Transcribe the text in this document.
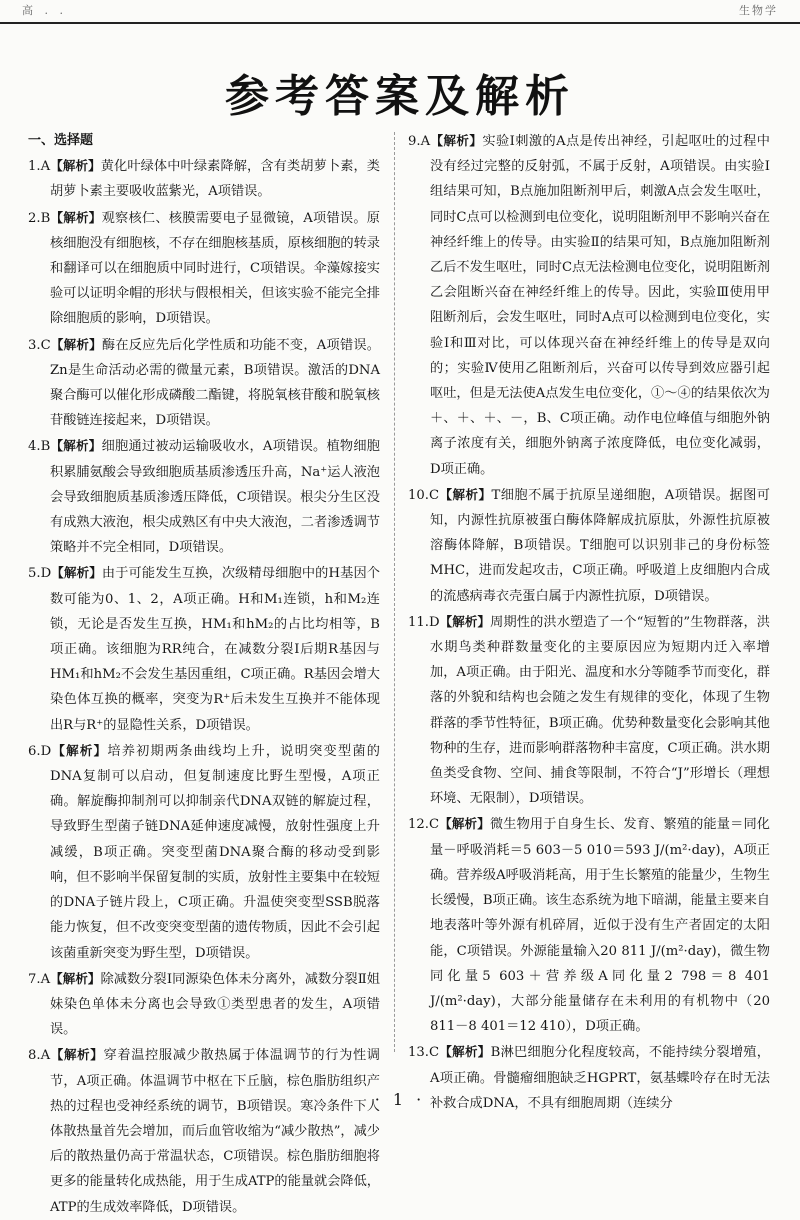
高 . .	生物学
参考答案及解析
一、选择题

1.A【解析】黄化叶绿体中叶绿素降解，含有类胡萝卜素，类胡萝卜素主要吸收蓝紫光，A项错误。

2.B【解析】观察核仁、核膜需要电子显微镜，A项错误。原核细胞没有细胞核，不存在细胞核基质，原核细胞的转录和翻译可以在细胞质中同时进行，C项错误。伞藻嫁接实验可以证明伞帽的形状与假根相关，但该实验不能完全排除细胞质的影响，D项错误。

3.C【解析】酶在反应先后化学性质和功能不变，A项错误。Zn是生命活动必需的微量元素，B项错误。激活的DNA聚合酶可以催化形成磷酸二酯键，将脱氧核苷酸和脱氧核苷酸链连接起来，D项错误。

4.B【解析】细胞通过被动运输吸收水，A项错误。植物细胞积累脯氨酸会导致细胞质基质渗透压升高，Na⁺运人液泡会导致细胞质基质渗透压降低，C项错误。根尖分生区没有成熟大液泡，根尖成熟区有中央大液泡，二者渗透调节策略并不完全相同，D项错误。

5.D【解析】由于可能发生互换，次级精母细胞中的H基因个数可能为0、1、2，A项正确。H和M₁连锁，h和M₂连锁，无论是否发生互换，HM₁和hM₂的占比均相等，B项正确。该细胞为RR纯合，在减数分裂Ⅰ后期R基因与HM₁和hM₂不会发生基因重组，C项正确。R基因会增大染色体互换的概率，突变为R⁺后未发生互换并不能体现出R与R⁺的显隐性关系，D项错误。

6.D【解析】培养初期两条曲线均上升，说明突变型菌的DNA复制可以启动，但复制速度比野生型慢，A项正确。解旋酶抑制剂可以抑制亲代DNA双链的解旋过程，导致野生型菌子链DNA延伸速度减慢，放射性强度上升减缓，B项正确。突变型菌DNA聚合酶的移动受到影响，但不影响半保留复制的实质，放射性主要集中在较短的DNA子链片段上，C项正确。升温使突变型SSB脱落能力恢复，但不改变突变型菌的遗传物质，因此不会引起该菌重新突变为野生型，D项错误。

7.A【解析】除减数分裂Ⅰ同源染色体未分离外，减数分裂Ⅱ姐妹染色单体未分离也会导致①类型患者的发生，A项错误。

8.A【解析】穿着温控服减少散热属于体温调节的行为性调节，A项正确。体温调节中枢在下丘脑，棕色脂肪组织产热的过程也受神经系统的调节，B项错误。寒冷条件下人体散热量首先会增加，而后血管收缩为“减少散热”，减少后的散热量仍高于常温状态，C项错误。棕色脂肪细胞将更多的能量转化成热能，用于生成ATP的能量就会降低，ATP的生成效率降低，D项错误。

9.A【解析】实验Ⅰ刺激的A点是传出神经，引起呕吐的过程中没有经过完整的反射弧，不属于反射，A项错误。由实验Ⅰ组结果可知，B点施加阻断剂甲后，刺激A点会发生呕吐，同时C点可以检测到电位变化，说明阻断剂甲不影响兴奋在神经纤维上的传导。由实验Ⅱ的结果可知，B点施加阻断剂乙后不发生呕吐，同时C点无法检测电位变化，说明阻断剂乙会阻断兴奋在神经纤维上的传导。因此，实验Ⅲ使用甲阻断剂后，会发生呕吐，同时A点可以检测到电位变化，实验Ⅰ和Ⅲ对比，可以体现兴奋在神经纤维上的传导是双向的；实验Ⅳ使用乙阻断剂后，兴奋可以传导到效应器引起呕吐，但是无法使A点发生电位变化，①～④的结果依次为＋、＋、＋、－，B、C项正确。动作电位峰值与细胞外钠离子浓度有关，细胞外钠离子浓度降低，电位变化减弱，D项正确。

10.C【解析】T细胞不属于抗原呈递细胞，A项错误。据图可知，内源性抗原被蛋白酶体降解成抗原肽，外源性抗原被溶酶体降解，B项错误。T细胞可以识别非己的身份标签MHC，进而发起攻击，C项正确。呼吸道上皮细胞内合成的流感病毒衣壳蛋白属于内源性抗原，D项错误。

11.D【解析】周期性的洪水塑造了一个“短暂的”生物群落，洪水期鸟类种群数量变化的主要原因应为短期内迁入率增加，A项正确。由于阳光、温度和水分等随季节而变化，群落的外貌和结构也会随之发生有规律的变化，体现了生物群落的季节性特征，B项正确。优势种数量变化会影响其他物种的生存，进而影响群落物种丰富度，C项正确。洪水期鱼类受食物、空间、捕食等限制，不符合“J”形增长（理想环境、无限制），D项错误。

12.C【解析】微生物用于自身生长、发育、繁殖的能量＝同化量－呼吸消耗＝5 603－5 010＝593 J/(m²·day)，A项正确。营养级A呼吸消耗高，用于生长繁殖的能量少，生物生长缓慢，B项正确。该生态系统为地下暗湖，能量主要来自地表落叶等外源有机碎屑，近似于没有生产者固定的太阳能，C项错误。外源能量输入20 811 J/(m²·day)，微生物同化量5 603＋营养级A同化量2 798＝8 401 J/(m²·day)，大部分能量储存在未利用的有机物中（20 811－8 401＝12 410），D项正确。

13.C【解析】B淋巴细胞分化程度较高，不能持续分裂增殖，A项正确。骨髓瘤细胞缺乏HGPRT，氨基蝶呤存在时无法补救合成DNA，不具有细胞周期（连续分

· 1 ·
